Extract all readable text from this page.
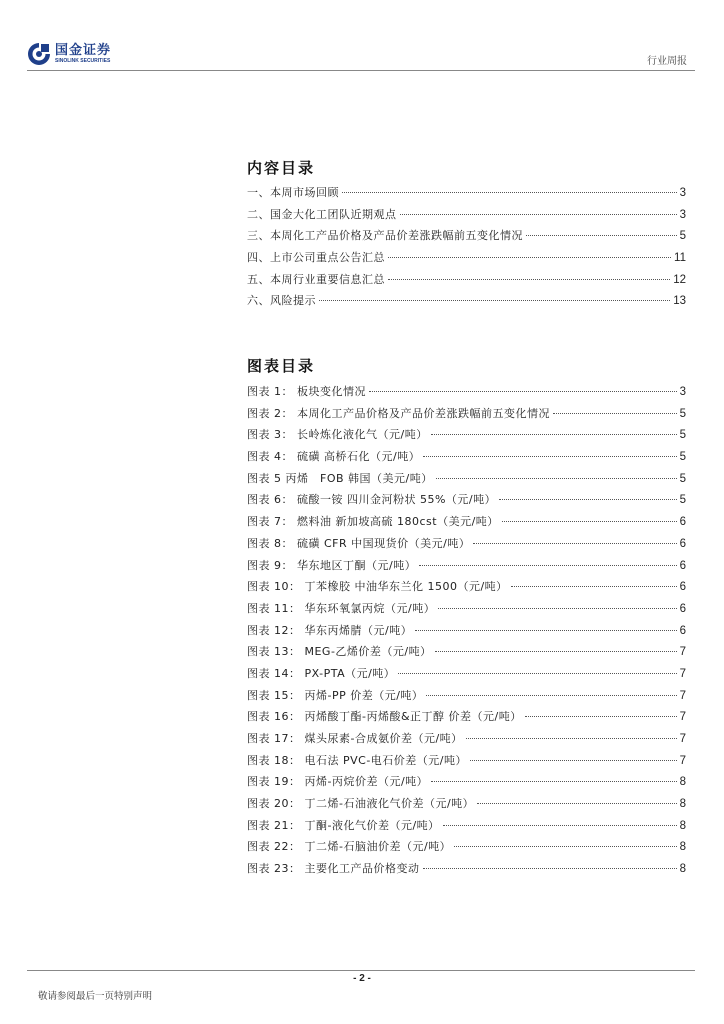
国金证券
SINOLINK SECURITIES	行业周报
内容目录
一、本周市场回顾	3
二、国金大化工团队近期观点	3
三、本周化工产品价格及产品价差涨跌幅前五变化情况	5
四、上市公司重点公告汇总	11
五、本周行业重要信息汇总	12
六、风险提示	13
图表目录
图表 1： 板块变化情况	3
图表 2： 本周化工产品价格及产品价差涨跌幅前五变化情况	5
图表 3： 长岭炼化液化气（元/吨）	5
图表 4： 硫磺 高桥石化（元/吨）	5
图表 5 丙烯　FOB 韩国（美元/吨）	5
图表 6： 硫酸一铵 四川金河粉状 55%（元/吨）	5
图表 7： 燃料油 新加坡高硫 180cst（美元/吨）	6
图表 8： 硫磺 CFR 中国现货价（美元/吨）	6
图表 9： 华东地区丁酮（元/吨）	6
图表 10： 丁苯橡胶 中油华东兰化 1500（元/吨）	6
图表 11： 华东环氧氯丙烷（元/吨）	6
图表 12： 华东丙烯腈（元/吨）	6
图表 13： MEG-乙烯价差（元/吨）	7
图表 14： PX-PTA（元/吨）	7
图表 15： 丙烯-PP 价差（元/吨）	7
图表 16： 丙烯酸丁酯-丙烯酸&正丁醇 价差（元/吨）	7
图表 17： 煤头尿素-合成氨价差（元/吨）	7
图表 18： 电石法 PVC-电石价差（元/吨）	7
图表 19： 丙烯-丙烷价差（元/吨）	8
图表 20： 丁二烯-石油液化气价差（元/吨）	8
图表 21： 丁酮-液化气价差（元/吨）	8
图表 22： 丁二烯-石脑油价差（元/吨）	8
图表 23： 主要化工产品价格变动	8
- 2 -
敬请参阅最后一页特别声明
